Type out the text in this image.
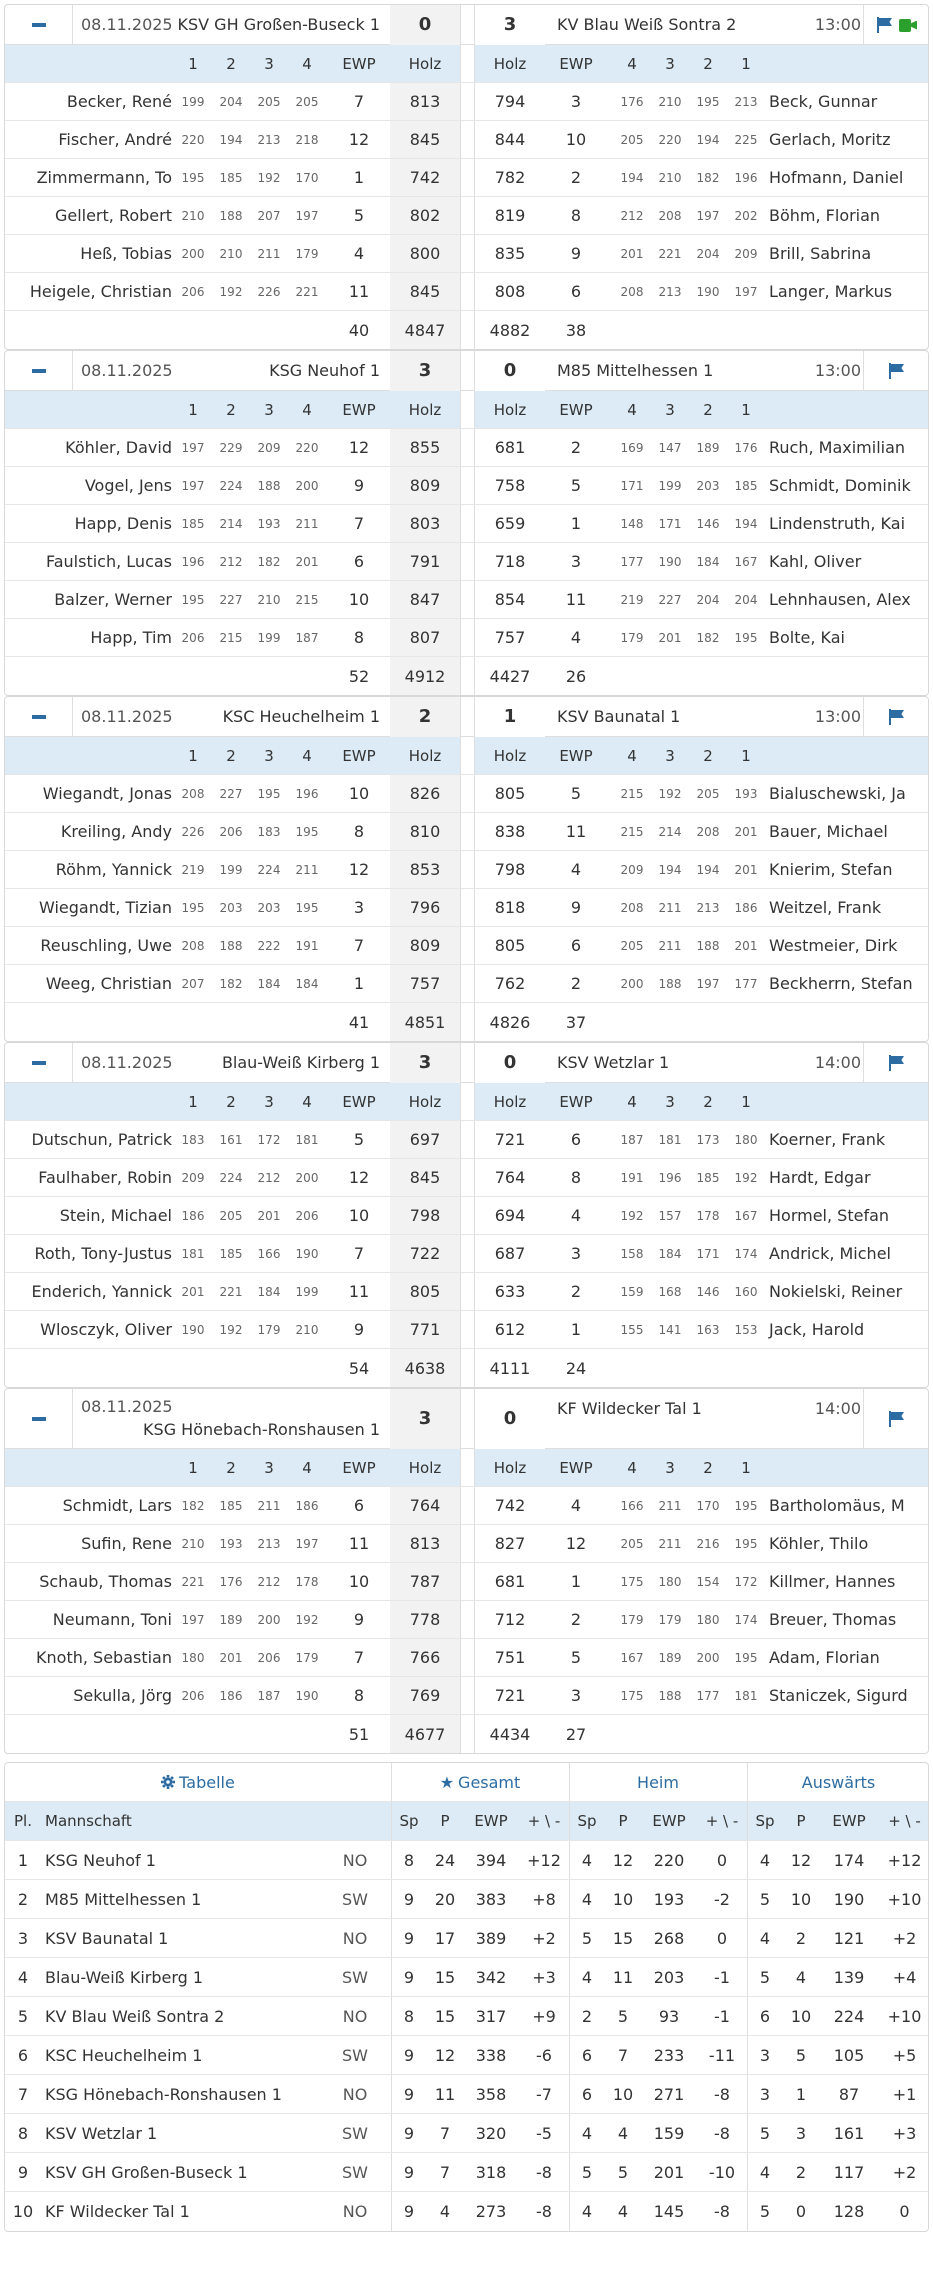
08.11.2025 KSV GH Großen-Buseck 1	0	3	KV Blau Weiß Sontra 2	13:00
1	2	3	4	EWP	Holz	Holz	EWP	4	3	2	1
Becker, René 199	204	205	205	7	813	794	3	176	210	195	213 Beck, Gunnar
Fischer, André 220	194	213	218	12	845	844	10	205	220	194	225 Gerlach, Moritz
Zimmermann, To 195	185	192	170	1	742	782	2	194	210	182	196 Hofmann, Daniel
Gellert, Robert 210	188	207	197	5	802	819	8	212	208	197	202 Böhm, Florian
Heß, Tobias 200	210	211	179	4	800	835	9	201	221	204	209 Brill, Sabrina
Heigele, Christian 206	192	226	221	11	845	808	6	208	213	190	197 Langer, Markus
40	4847	4882	38
08.11.2025	KSG Neuhof 1	3	0	M85 Mittelhessen 1	13:00
1	2	3	4	EWP	Holz	Holz	EWP	4	3	2	1
Köhler, David 197	229	209	220	12	855	681	2	169	147	189	176 Ruch, Maximilian
Vogel, Jens 197	224	188	200	9	809	758	5	171	199	203	185 Schmidt, Dominik
Happ, Denis 185	214	193	211	7	803	659	1	148	171	146	194 Lindenstruth, Kai
Faulstich, Lucas 196	212	182	201	6	791	718	3	177	190	184	167 Kahl, Oliver
Balzer, Werner 195	227	210	215	10	847	854	11	219	227	204	204 Lehnhausen, Alex
Happ, Tim 206	215	199	187	8	807	757	4	179	201	182	195 Bolte, Kai
52	4912	4427	26
08.11.2025	KSC Heuchelheim 1	2	1	KSV Baunatal 1	13:00
1	2	3	4	EWP	Holz	Holz	EWP	4	3	2	1
Wiegandt, Jonas 208	227	195	196	10	826	805	5	215	192	205	193 Bialuschewski, Ja
Kreiling, Andy 226	206	183	195	8	810	838	11	215	214	208	201 Bauer, Michael
Röhm, Yannick 219	199	224	211	12	853	798	4	209	194	194	201 Knierim, Stefan
Wiegandt, Tizian 195	203	203	195	3	796	818	9	208	211	213	186 Weitzel, Frank
Reuschling, Uwe 208	188	222	191	7	809	805	6	205	211	188	201 Westmeier, Dirk
Weeg, Christian 207	182	184	184	1	757	762	2	200	188	197	177 Beckherrn, Stefan
41	4851	4826	37
08.11.2025	Blau-Weiß Kirberg 1	3	0	KSV Wetzlar 1	14:00
1	2	3	4	EWP	Holz	Holz	EWP	4	3	2	1
Dutschun, Patrick 183	161	172	181	5	697	721	6	187	181	173	180 Koerner, Frank
Faulhaber, Robin 209	224	212	200	12	845	764	8	191	196	185	192 Hardt, Edgar
Stein, Michael 186	205	201	206	10	798	694	4	192	157	178	167 Hormel, Stefan
Roth, Tony-Justus 181	185	166	190	7	722	687	3	158	184	171	174 Andrick, Michel
Enderich, Yannick 201	221	184	199	11	805	633	2	159	168	146	160 Nokielski, Reiner
Wlosczyk, Oliver 190	192	179	210	9	771	612	1	155	141	163	153 Jack, Harold
54	4638	4111	24
08.11.2025
KSG Hönebach-Ronshausen 1
3	0	KF Wildecker Tal 1	14:00
1	2	3	4	EWP	Holz	Holz	EWP	4	3	2	1
Schmidt, Lars 182	185	211	186	6	764	742	4	166	211	170	195 Bartholomäus, M
Sufin, Rene 210	193	213	197	11	813	827	12	205	211	216	195 Köhler, Thilo
Schaub, Thomas 221	176	212	178	10	787	681	1	175	180	154	172 Killmer, Hannes
Neumann, Toni 197	189	200	192	9	778	712	2	179	179	180	174 Breuer, Thomas
Knoth, Sebastian 180	201	206	179	7	766	751	5	167	189	200	195 Adam, Florian
Sekulla, Jörg 206	186	187	190	8	769	721	3	175	188	177	181 Staniczek, Sigurd
51	4677	4434	27
Tabelle	★ Gesamt	Heim	Auswärts
Pl. Mannschaft	Sp	P	EWP	+ \ -	Sp	P	EWP	+ \ -	Sp	P	EWP	+ \ -
1	KSG Neuhof 1	NO	8	24	394	+12	4	12	220	0	4	12	174	+12
2	M85 Mittelhessen 1	SW	9	20	383	+8	4	10	193	-2	5	10	190	+10
3	KSV Baunatal 1	NO	9	17	389	+2	5	15	268	0	4	2	121	+2
4	Blau-Weiß Kirberg 1	SW	9	15	342	+3	4	11	203	-1	5	4	139	+4
5	KV Blau Weiß Sontra 2	NO	8	15	317	+9	2	5	93	-1	6	10	224	+10
6	KSC Heuchelheim 1	SW	9	12	338	-6	6	7	233	-11	3	5	105	+5
7	KSG Hönebach-Ronshausen 1	NO	9	11	358	-7	6	10	271	-8	3	1	87	+1
8	KSV Wetzlar 1	SW	9	7	320	-5	4	4	159	-8	5	3	161	+3
9	KSV GH Großen-Buseck 1	SW	9	7	318	-8	5	5	201	-10	4	2	117	+2
10 KF Wildecker Tal 1	NO	9	4	273	-8	4	4	145	-8	5	0	128	0
